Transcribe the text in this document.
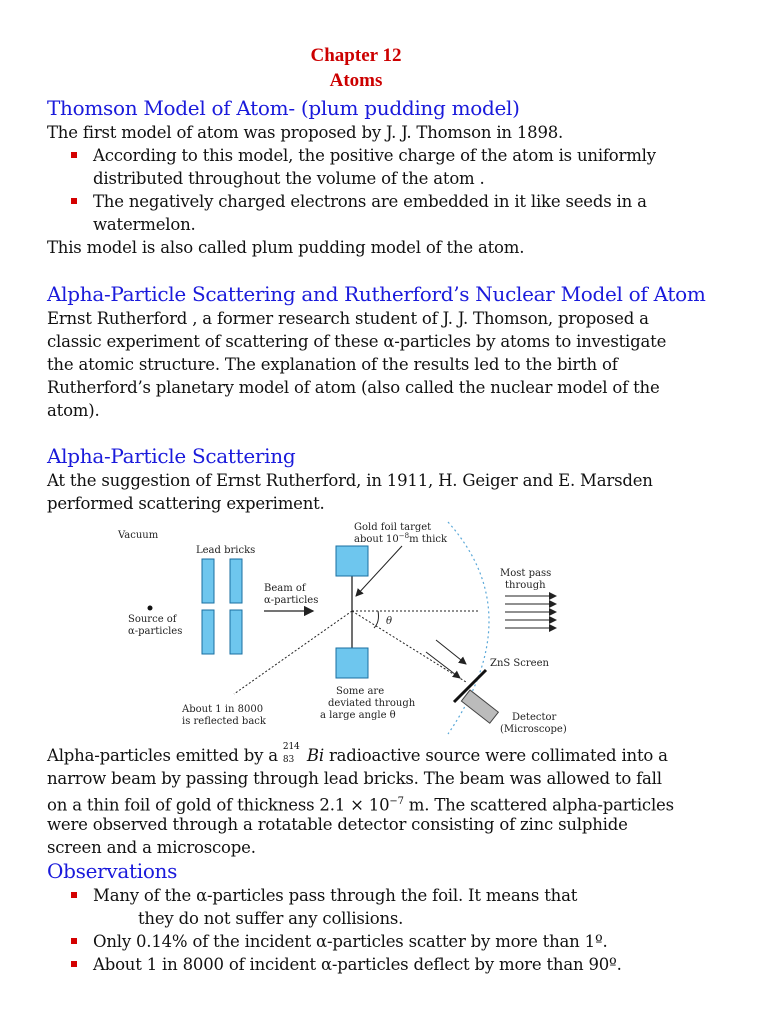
Chapter 12
Atoms
Thomson Model of Atom- (plum pudding model)
The first model of atom was proposed by J. J. Thomson in 1898.
According to this model, the positive charge of the atom is uniformly
distributed throughout the volume of the atom .
The negatively charged electrons are embedded in it like seeds in a
watermelon.
This model is also called plum pudding model of the atom.
Alpha-Particle Scattering and Rutherford’s Nuclear Model of Atom
Ernst Rutherford , a former research student of J. J. Thomson, proposed a
classic experiment of scattering of these α-particles by atoms to investigate
the atomic structure. The explanation of the results led to the birth of
Rutherford’s planetary model of atom (also called the nuclear model of the
atom).
Alpha-Particle Scattering
At the suggestion of Ernst Rutherford, in 1911, H. Geiger and E. Marsden
performed scattering experiment.
Vacuum
Lead bricks
Source of
α-particles
Beam of
α-particles
Gold foil target
about $10^{-8}m$ thick
θ
Most pass
through
About 1 in 8000
is reflected back
Some are
deviated through
a large angle θ
ZnS Screen
Detector
(Microscope)
Alpha-particles emitted by a 214
83 Bi radioactive source were collimated into a
narrow beam by passing through lead bricks. The beam was allowed to fall
on a thin foil of gold of thickness $2.1 \times 10^{-7}$ m. The scattered alpha-particles
were observed through a rotatable detector consisting of zinc sulphide
screen and a microscope.
Observations
Many of the α-particles pass through the foil. It means that
they do not suffer any collisions.
Only 0.14% of the incident α-particles scatter by more than 1º.
About 1 in 8000 of incident α-particles deflect by more than 90º.
